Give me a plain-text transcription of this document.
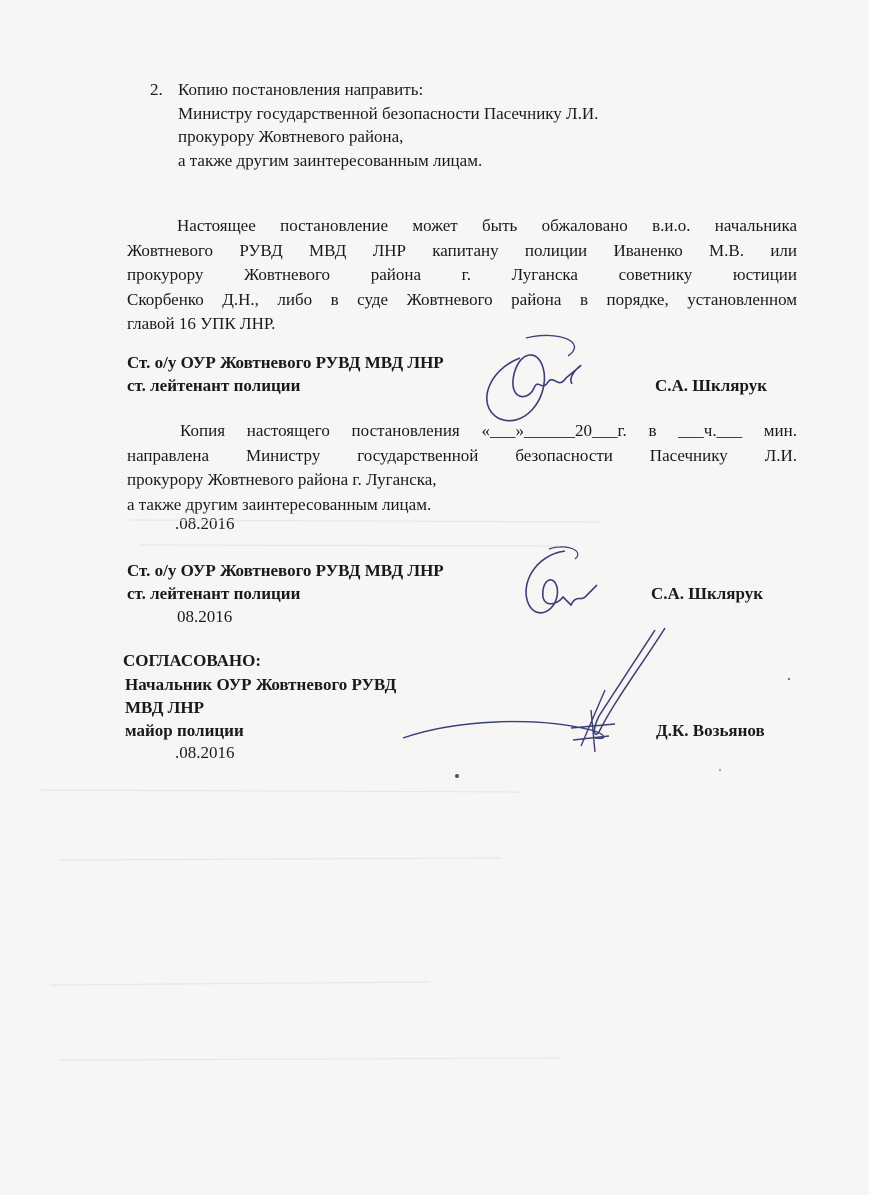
2. Копию постановления направить:
Министру государственной безопасности Пасечнику Л.И.
прокурору Жовтневого района,
а также другим заинтересованным лицам.
Настоящее постановление может быть обжаловано в.и.о. начальника
Жовтневого РУВД МВД ЛНР капитану полиции Иваненко М.В. или
прокурору Жовтневого района г. Луганска советнику юстиции
Скорбенко Д.Н., либо в суде Жовтневого района в порядке, установленном
главой 16 УПК ЛНР.
Ст. о/у ОУР Жовтневого РУВД МВД ЛНР
ст. лейтенант полиции	С.А. Шклярук
Копия настоящего постановления «___»______20___г. в ___ч.___ мин.
направлена Министру государственной безопасности Пасечнику Л.И.
прокурору Жовтневого района г. Луганска,
а также другим заинтересованным лицам.
.08.2016
Ст. о/у ОУР Жовтневого РУВД МВД ЛНР
ст. лейтенант полиции	С.А. Шклярук
08.2016
СОГЛАСОВАНО:
Начальник ОУР Жовтневого РУВД
МВД ЛНР
майор полиции	Д.К. Возьянов
.08.2016
